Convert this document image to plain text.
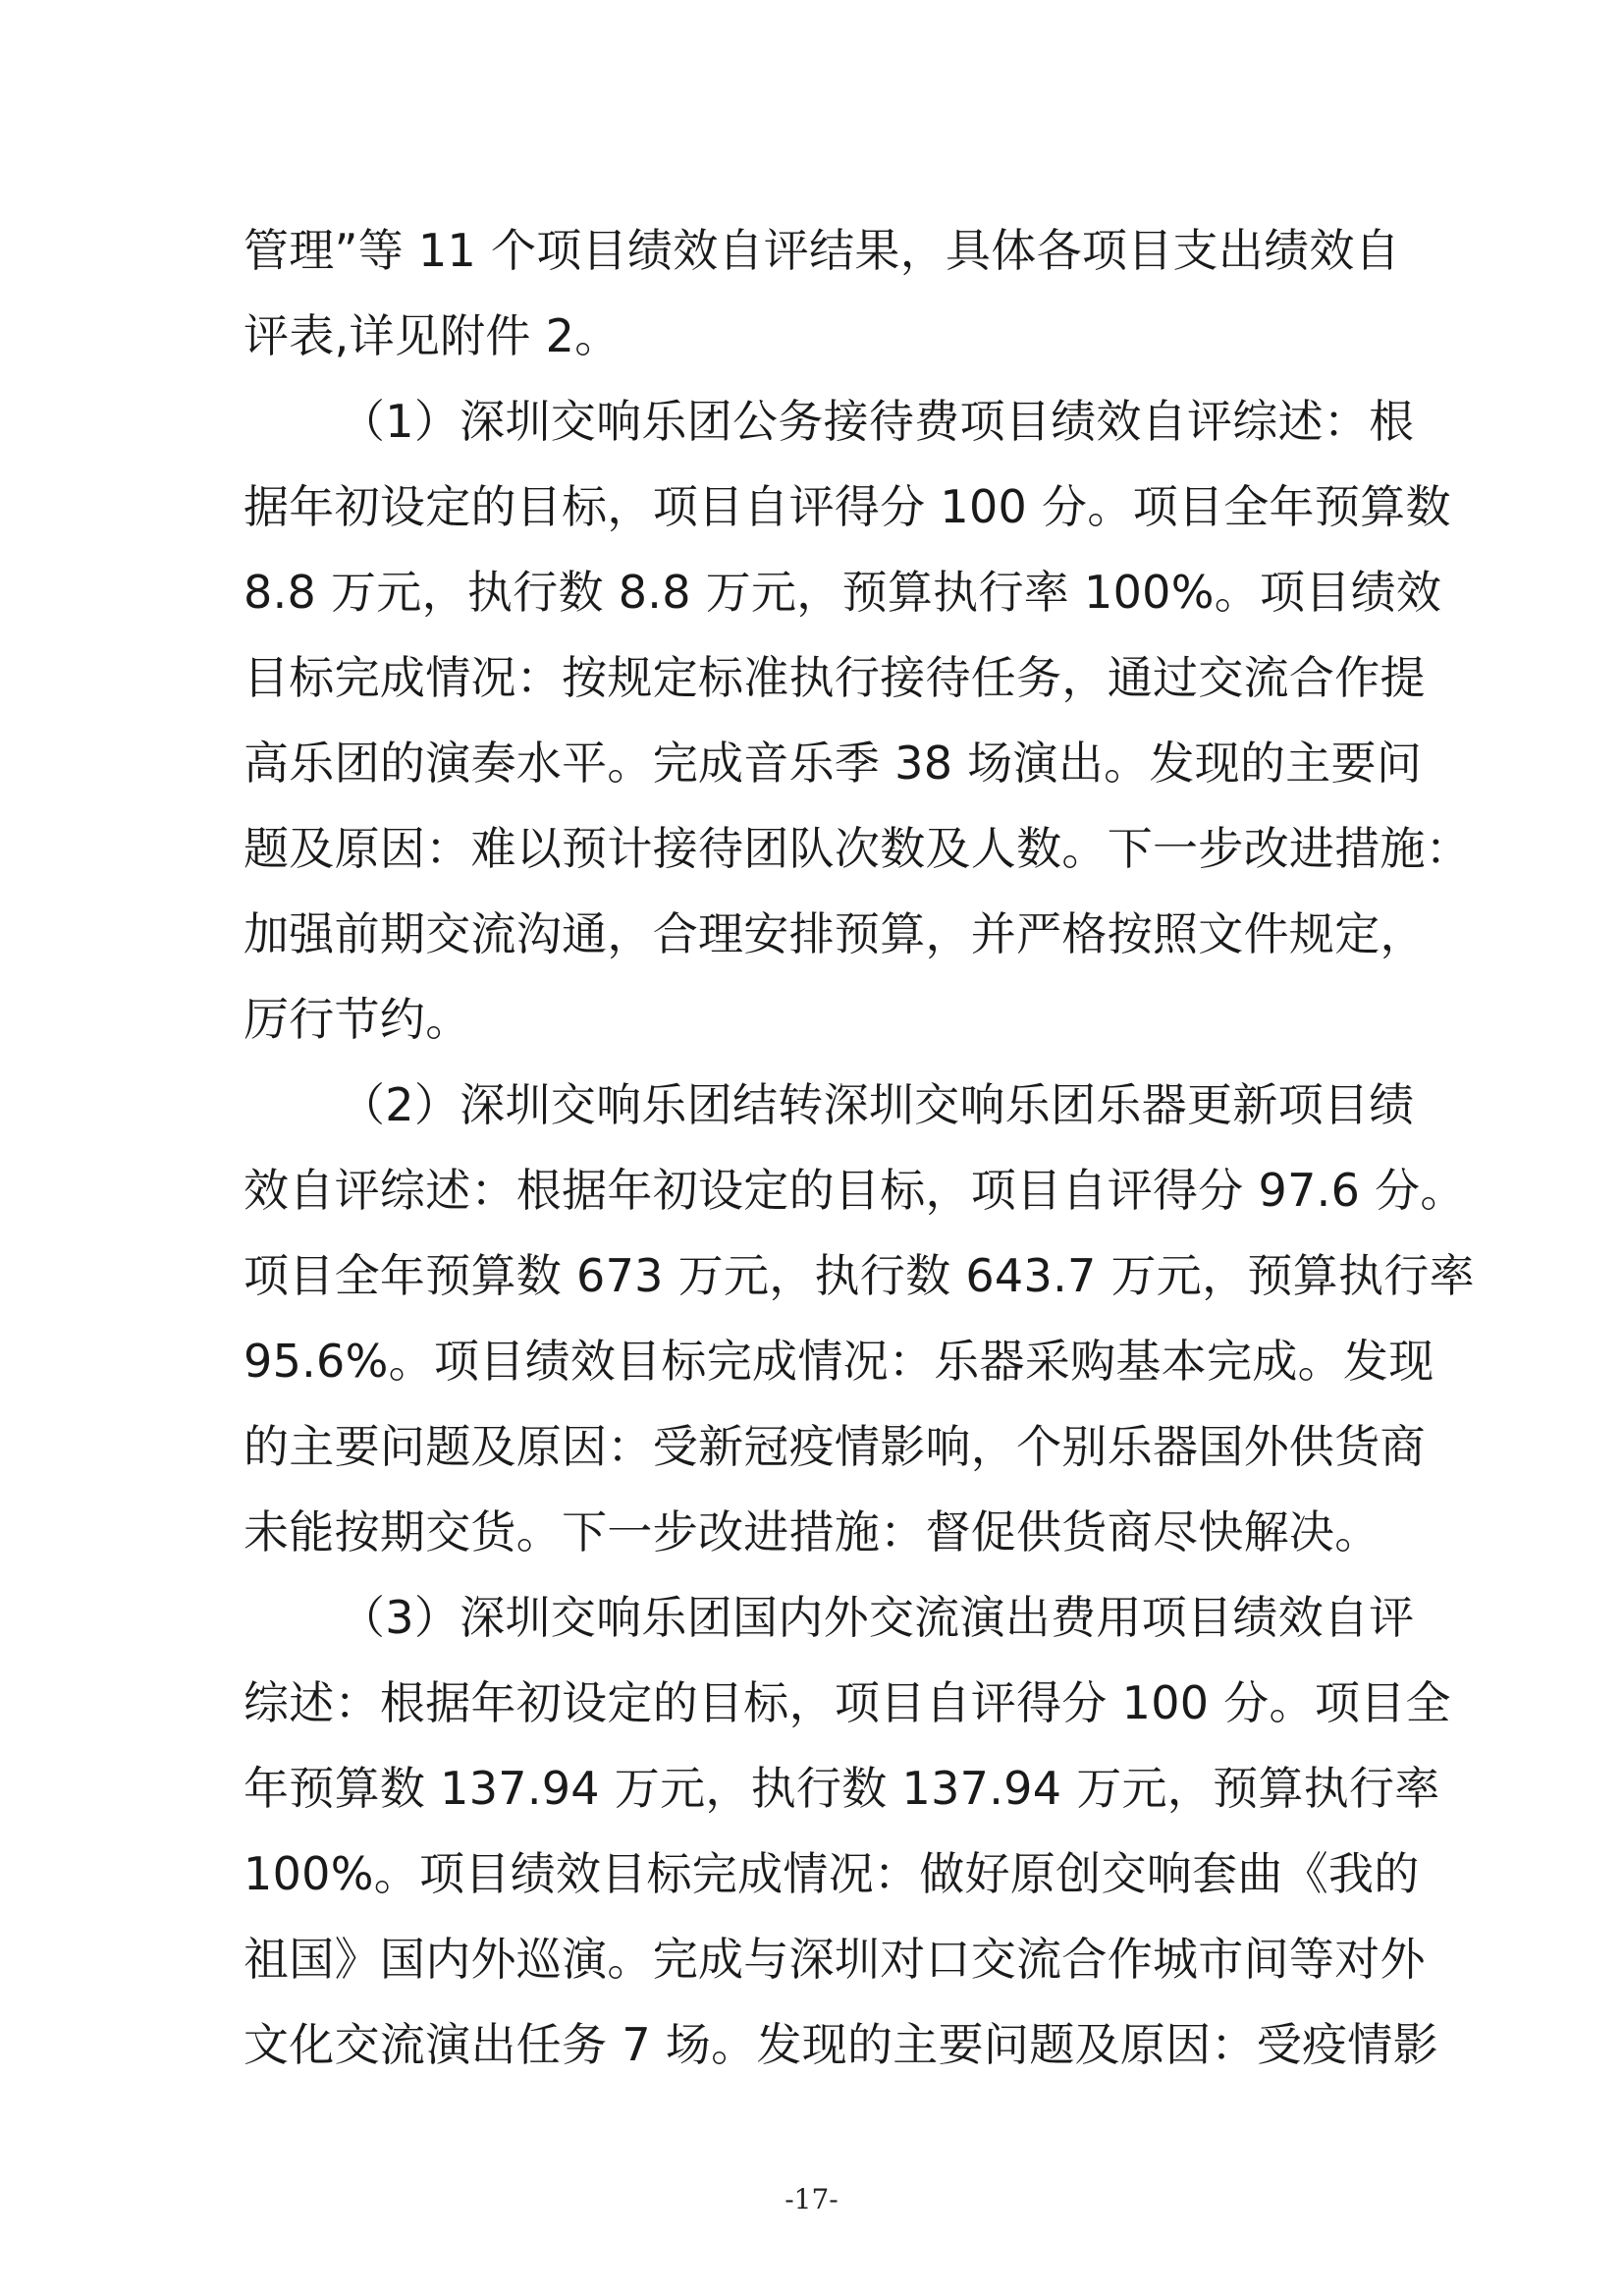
管理”等 11 个项目绩效自评结果，具体各项目支出绩效自
评表,详见附件 2。
（1）深圳交响乐团公务接待费项目绩效自评综述：根
据年初设定的目标，项目自评得分 100 分。项目全年预算数
8.8 万元，执行数 8.8 万元，预算执行率 100%。项目绩效
目标完成情况：按规定标准执行接待任务，通过交流合作提
高乐团的演奏水平。完成音乐季 38 场演出。发现的主要问
题及原因：难以预计接待团队次数及人数。下一步改进措施：
加强前期交流沟通，合理安排预算，并严格按照文件规定，
厉行节约。
（2）深圳交响乐团结转深圳交响乐团乐器更新项目绩
效自评综述：根据年初设定的目标，项目自评得分 97.6 分。
项目全年预算数 673 万元，执行数 643.7 万元，预算执行率
95.6%。项目绩效目标完成情况：乐器采购基本完成。发现
的主要问题及原因：受新冠疫情影响，个别乐器国外供货商
未能按期交货。下一步改进措施：督促供货商尽快解决。
（3）深圳交响乐团国内外交流演出费用项目绩效自评
综述：根据年初设定的目标，项目自评得分 100 分。项目全
年预算数 137.94 万元，执行数 137.94 万元，预算执行率
100%。项目绩效目标完成情况：做好原创交响套曲《我的
祖国》国内外巡演。完成与深圳对口交流合作城市间等对外
文化交流演出任务 7 场。发现的主要问题及原因：受疫情影
-17-
